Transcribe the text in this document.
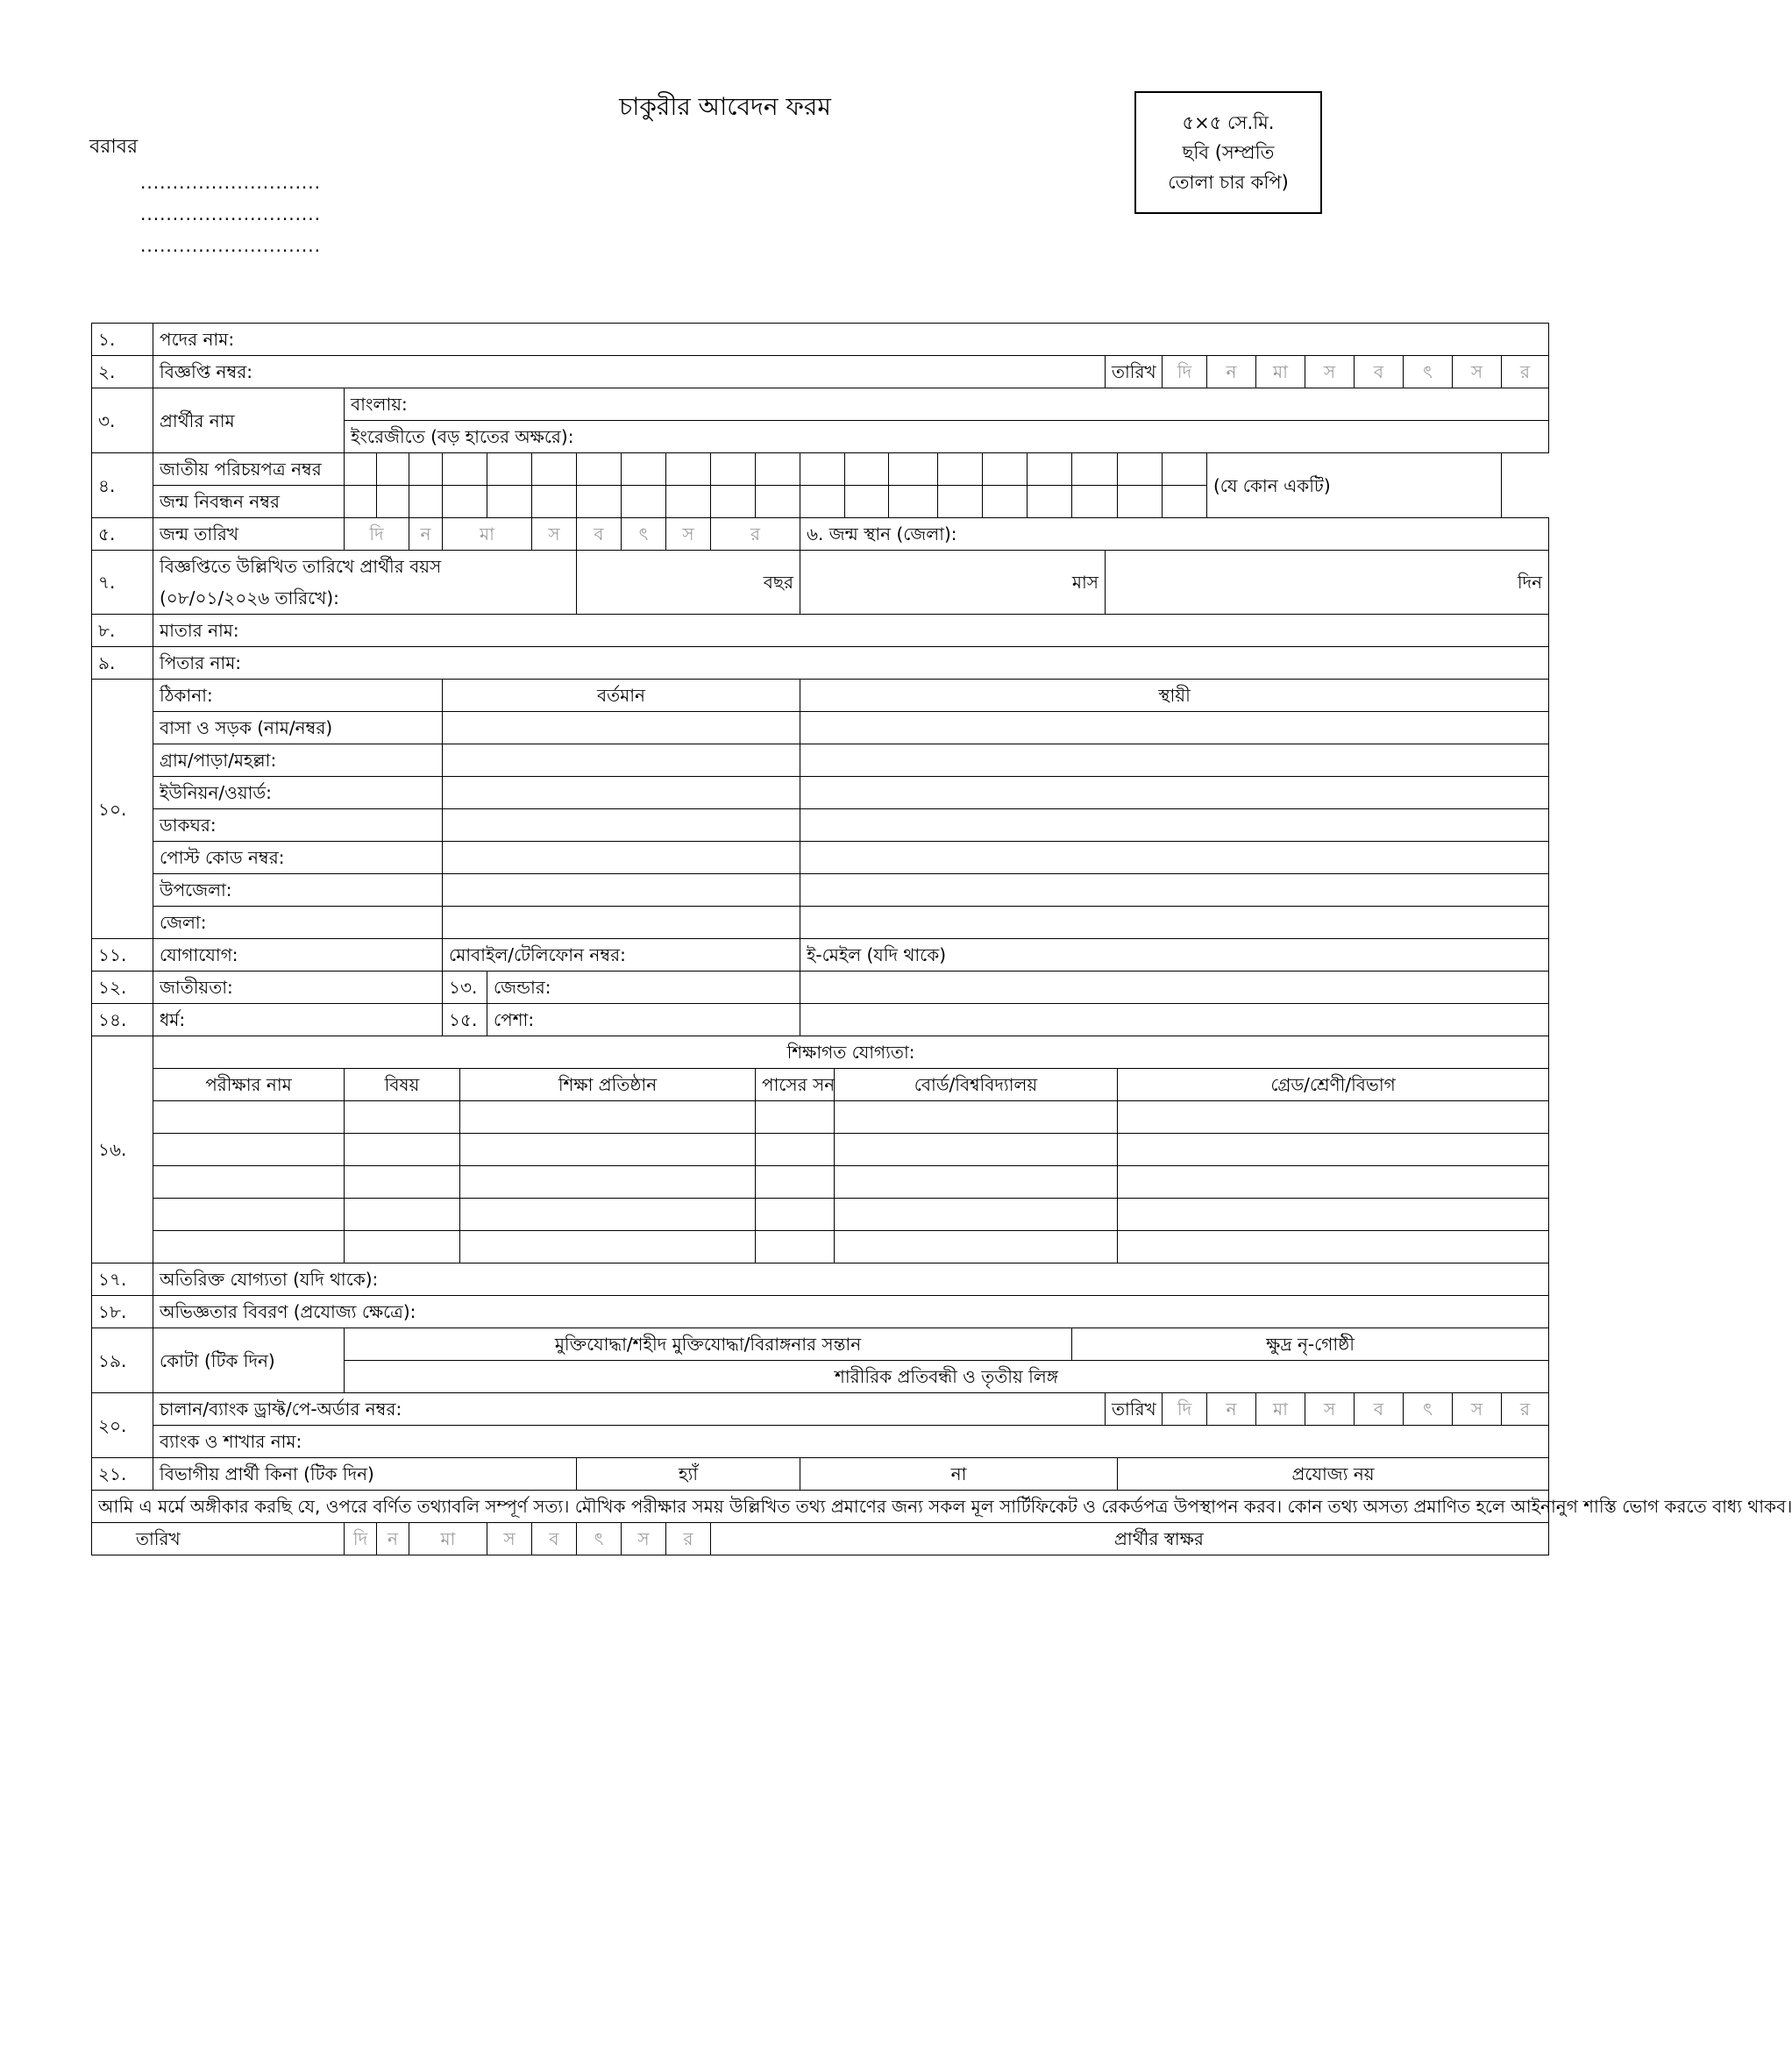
চাকুরীর আবেদন ফরম
৫×৫ সে.মি.
ছবি (সম্প্রতি
তোলা চার কপি)
বরাবর
............................
............................
............................
১.	পদের নাম:																														
২.	বিজ্ঞপ্তি নম্বর:																					তারিখ		দি	ন	মা	স	ব	ৎ	স	র
৩.	প্রার্থীর নাম	বাংলায়:																													
		ইংরেজীতে (বড় হাতের অক্ষরে):																													
৪.	জাতীয় পরিচয়পত্র নম্বর																								(যে কোন একটি)						
	জন্ম নিবন্ধন নম্বর																														
৫.	জন্ম তারিখ	দি		ন	মা			স	ব	ৎ	স	র		৬. জন্ম স্থান (জেলা):																	
৭.	বিজ্ঞপ্তিতে উল্লিখিত তারিখে প্রার্থীর বয়স
(০৮/০১/২০২৬ তারিখে):								বছর					মাস								দিন									
৮.	মাতার নাম:																														
৯.	পিতার নাম:																														
১০.	ঠিকানা:				বর্তমান									স্থায়ী																	
	বাসা ও সড়ক (নাম/নম্বর)																														
	গ্রাম/পাড়া/মহল্লা:																														
	ইউনিয়ন/ওয়ার্ড:																														
	ডাকঘর:																														
	পোস্ট কোড নম্বর:																														
	উপজেলা:																														
	জেলা:																														
১১.	যোগাযোগ:				মোবাইল/টেলিফোন নম্বর:									ই-মেইল (যদি থাকে)																	
১২.	জাতীয়তা:				১৩.		জেন্ডার:																								
১৪.	ধর্ম:				১৫.		পেশা:																								
১৬.	শিক্ষাগত যোগ্যতা:																														
	পরীক্ষার নাম	বিষয়				শিক্ষা প্রতিষ্ঠান							পাসের সন		বোর্ড/বিশ্ববিদ্যালয়								গ্রেড/শ্রেণী/বিভাগ								

১৭.	অতিরিক্ত যোগ্যতা (যদি থাকে):																														
১৮.	অভিজ্ঞতার বিবরণ (প্রযোজ্য ক্ষেত্রে):																														
১৯.	কোটা (টিক দিন)	মুক্তিযোদ্ধা/শহীদ মুক্তিযোদ্ধা/বিরাঙ্গনার সন্তান																			ক্ষুদ্র নৃ-গোষ্ঠী										
		শারীরিক প্রতিবন্ধী ও তৃতীয় লিঙ্গ																													
২০.	চালান/ব্যাংক ড্রাফ্ট/পে-অর্ডার নম্বর:																					তারিখ		দি	ন	মা	স	ব	ৎ	স	র
	ব্যাংক ও শাখার নাম:																														
২১.	বিভাগীয় প্রার্থী কিনা (টিক দিন)								হ্যাঁ					না									প্রযোজ্য নয়								
আমি এ মর্মে অঙ্গীকার করছি যে, ওপরে বর্ণিত তথ্যাবলি সম্পূর্ণ সত্য। মৌখিক পরীক্ষার সময় উল্লিখিত তথ্য প্রমাণের জন্য সকল মূল সার্টিফিকেট ও রেকর্ডপত্র উপস্থাপন করব। কোন তথ্য অসত্য প্রমাণিত হলে আইনানুগ শাস্তি ভোগ করতে বাধ্য থাকব।																															
তারিখ		দি	ন	মা			স	ব	ৎ	স	র	প্রার্থীর স্বাক্ষর																			
